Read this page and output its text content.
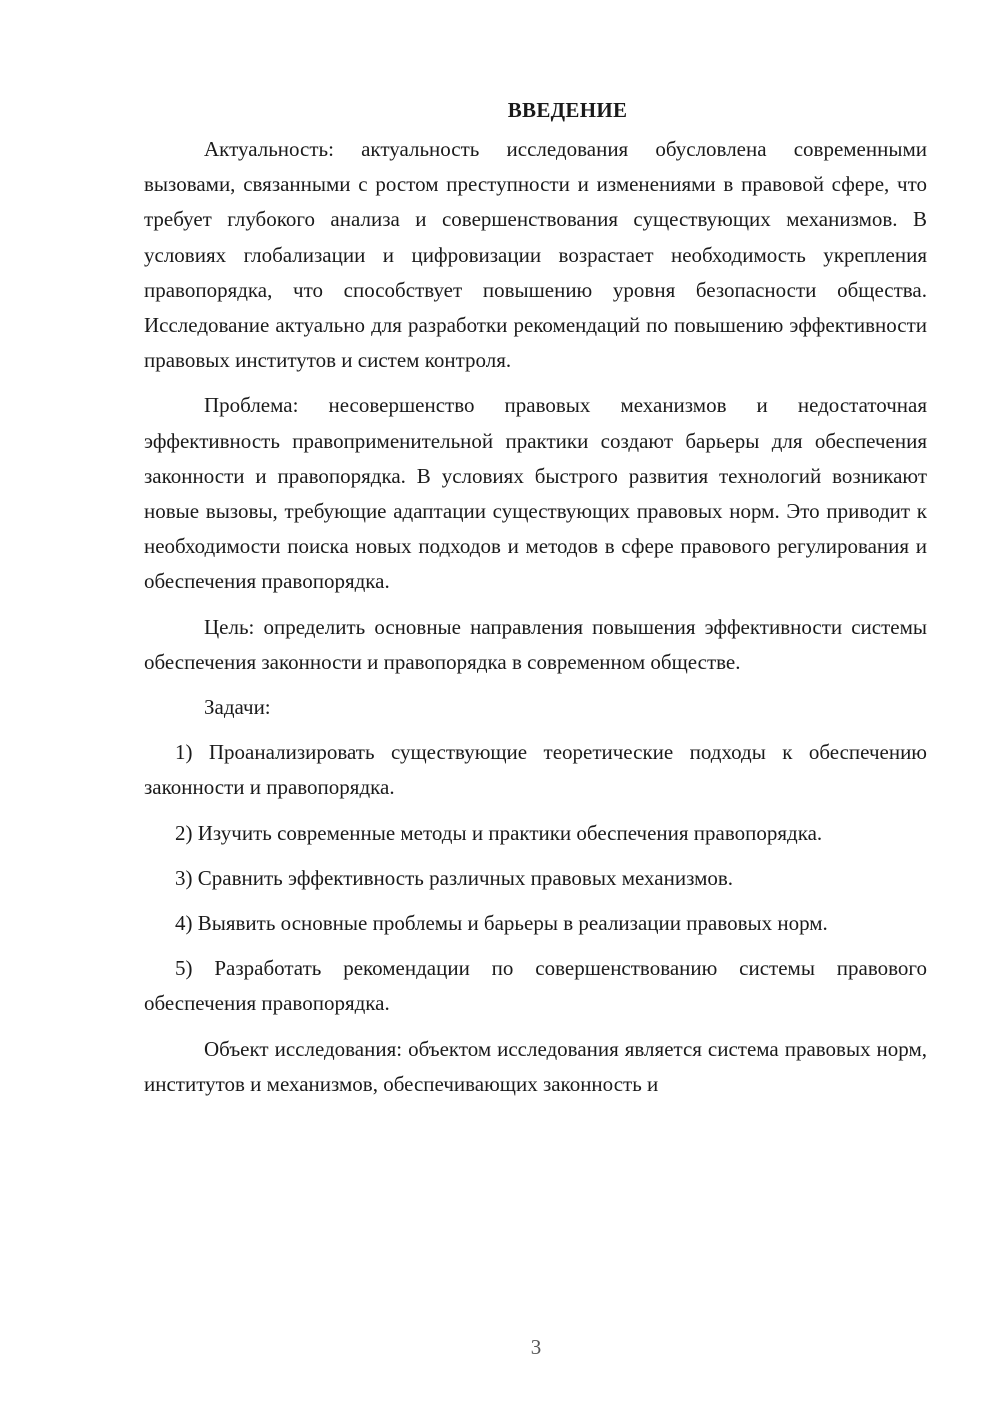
ВВЕДЕНИЕ

Актуальность: актуальность исследования обусловлена современными вызовами, связанными с ростом преступности и изменениями в правовой сфере, что требует глубокого анализа и совершенствования существующих механизмов. В условиях глобализации и цифровизации возрастает необходимость укрепления правопорядка, что способствует повышению уровня безопасности общества. Исследование актуально для разработки рекомендаций по повышению эффективности правовых институтов и систем контроля.

Проблема: несовершенство правовых механизмов и недостаточная эффективность правоприменительной практики создают барьеры для обеспечения законности и правопорядка. В условиях быстрого развития технологий возникают новые вызовы, требующие адаптации существующих правовых норм. Это приводит к необходимости поиска новых подходов и методов в сфере правового регулирования и обеспечения правопорядка.

Цель: определить основные направления повышения эффективности системы обеспечения законности и правопорядка в современном обществе.

Задачи:

1) Проанализировать существующие теоретические подходы к обеспечению законности и правопорядка.

2) Изучить современные методы и практики обеспечения правопорядка.

3) Сравнить эффективность различных правовых механизмов.

4) Выявить основные проблемы и барьеры в реализации правовых норм.

5) Разработать рекомендации по совершенствованию системы правового обеспечения правопорядка.

Объект исследования: объектом исследования является система правовых норм, институтов и механизмов, обеспечивающих законность и

3
